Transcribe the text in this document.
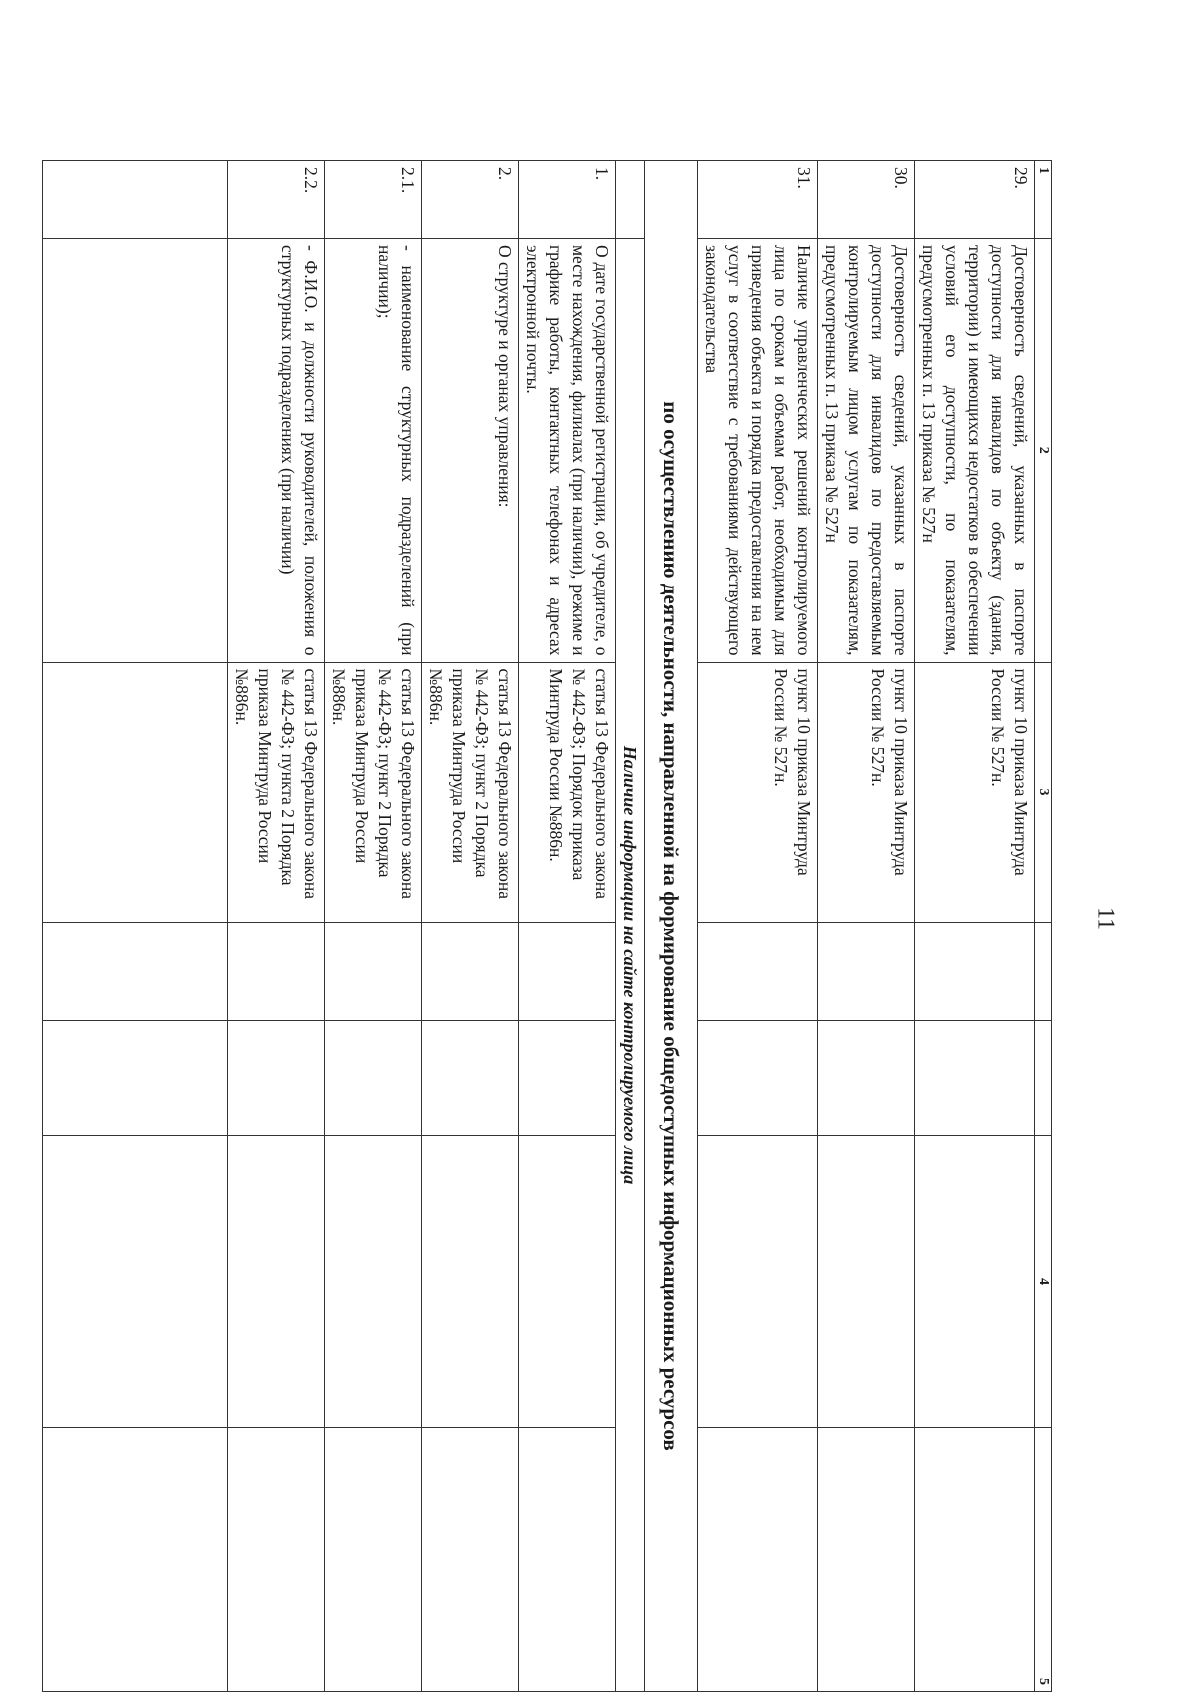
11
1	2	3			4	5
29.	Достоверность сведений, указанных в паспорте доступности для инвалидов по объекту (здания, территории) и имеющихся недостатков в обеспечении условий его доступности, по показателям, предусмотренных п. 13 приказа № 527н	пункт 10 приказа Минтруда России № 527н.				
30.	Достоверность сведений, указанных в паспорте доступности для инвалидов по предоставляемым контролируемым лицом услугам по показателям, предусмотренных п. 13 приказа № 527н	пункт 10 приказа Минтруда России № 527н.				
31.	Наличие управленческих решений контролируемого лица по срокам и объемам работ, необходимым для приведения объекта и порядка предоставления на нем услуг в соответствие с требованиями действующего законодательства	пункт 10 приказа Минтруда России № 527н.				
по осуществлению деятельности, направленной на формирование общедоступных информационных ресурсов						
	Наличие информации на сайте контролируемого лица					
1.	О дате государственной регистрации, об учредителе, о месте нахождения, филиалах (при наличии), режиме и графике работы, контактных телефонах и адресах электронной почты.	статья 13 Федерального закона № 442-ФЗ; Порядок приказа Минтруда России №886н.				
2.	О структуре и органах управления:	статья 13 Федерального закона № 442-ФЗ; пункт 2 Порядка приказа Минтруда России №886н.				
2.1.	- наименование структурных подразделений (при наличии);	статья 13 Федерального закона № 442-ФЗ; пункт 2 Порядка приказа Минтруда России №886н.				
2.2.	- Ф.И.О. и должности руководителей, положения о структурных подразделениях (при наличии)	статья 13 Федерального закона № 442-ФЗ; пункта 2 Порядка приказа Минтруда России №886н.				
